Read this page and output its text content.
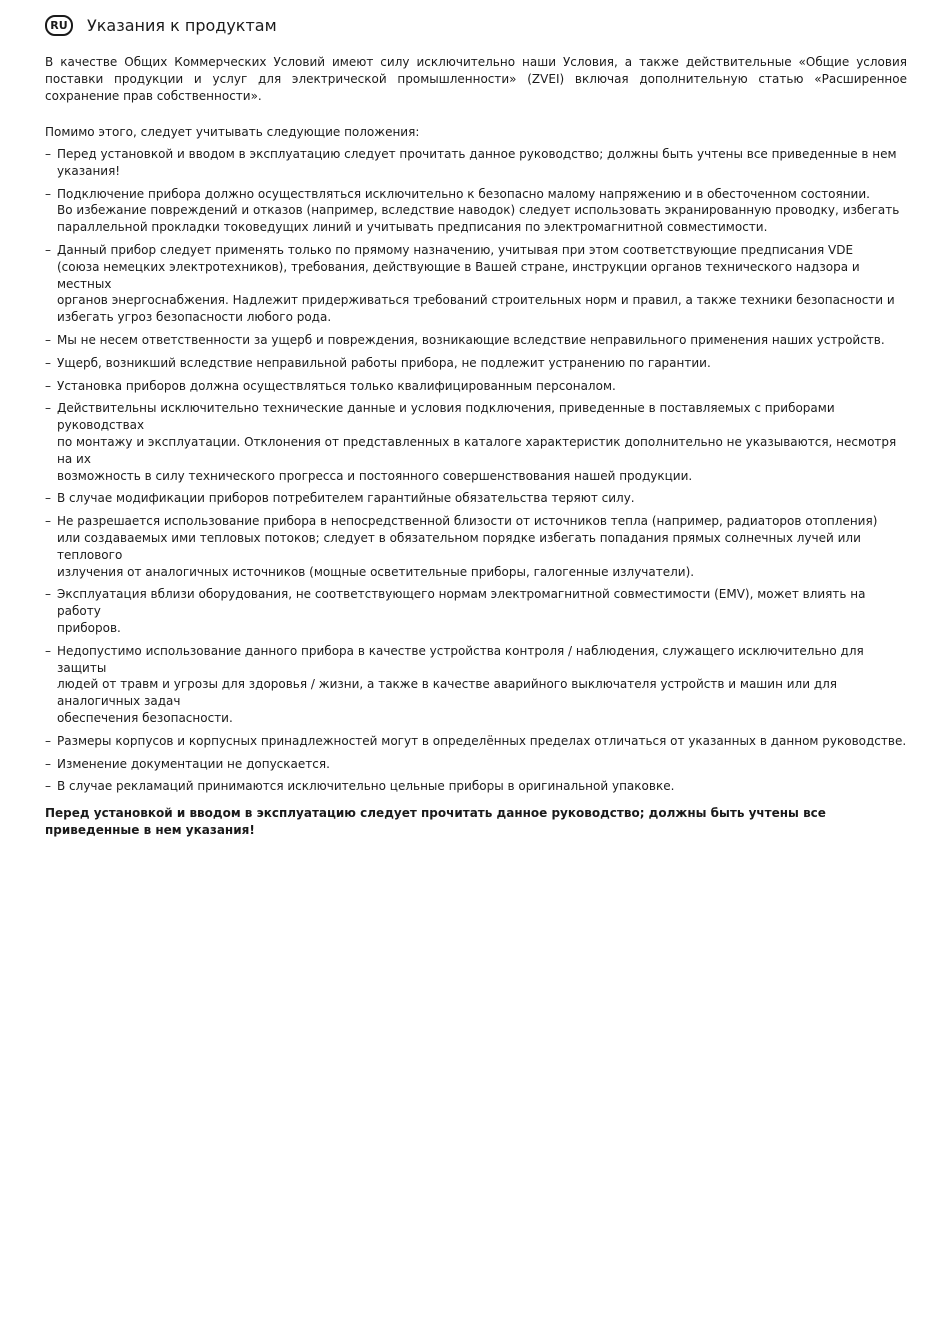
RU	Указания к продуктам

В качестве Общих Коммерческих Условий имеют силу исключительно наши Условия, а также действительные «Общие условия поставки продукции и услуг для электрической промышленности» (ZVEI) включая дополнительную статью «Расширенное сохранение прав собственности».

Помимо этого, следует учитывать следующие положения:

– Перед установкой и вводом в эксплуатацию следует прочитать данное руководство; должны быть учтены все приведенные в нем указания!
– Подключение прибора должно осуществляться исключительно к безопасно малому напряжению и в обесточенном состоянии.
Во избежание повреждений и отказов (например, вследствие наводок) следует использовать экранированную проводку, избегать
параллельной прокладки токоведущих линий и учитывать предписания по электромагнитной совместимости.
– Данный прибор следует применять только по прямому назначению, учитывая при этом соответствующие предписания VDE
(союза немецких электротехников), требования, действующие в Вашей стране, инструкции органов технического надзора и местных
органов энергоснабжения. Надлежит придерживаться требований строительных норм и правил, а также техники безопасности и
избегать угроз безопасности любого рода.
– Мы не несем ответственности за ущерб и повреждения, возникающие вследствие неправильного применения наших устройств.
– Ущерб, возникший вследствие неправильной работы прибора, не подлежит устранению по гарантии.
– Установка приборов должна осуществляться только квалифицированным персоналом.
– Действительны исключительно технические данные и условия подключения, приведенные в поставляемых с приборами руководствах
по монтажу и эксплуатации. Отклонения от представленных в каталоге характеристик дополнительно не указываются, несмотря на их
возможность в силу технического прогресса и постоянного совершенствования нашей продукции.
– В случае модификации приборов потребителем гарантийные обязательства теряют силу.
– Не разрешается использование прибора в непосредственной близости от источников тепла (например, радиаторов отопления)
или создаваемых ими тепловых потоков; следует в обязательном порядке избегать попадания прямых солнечных лучей или теплового
излучения от аналогичных источников (мощные осветительные приборы, галогенные излучатели).
– Эксплуатация вблизи оборудования, не соответствующего нормам электромагнитной совместимости (EMV), может влиять на работу
приборов.
– Недопустимо использование данного прибора в качестве устройства контроля / наблюдения, служащего исключительно для защиты
людей от травм и угрозы для здоровья / жизни, а также в качестве аварийного выключателя устройств и машин или для аналогичных задач
обеспечения безопасности.
– Размеры корпусов и корпусных принадлежностей могут в определённых пределах отличаться от указанных в данном руководстве.
– Изменение документации не допускается.
– В случае рекламаций принимаются исключительно цельные приборы в оригинальной упаковке.

Перед установкой и вводом в эксплуатацию следует прочитать данное руководство; должны быть учтены все приведенные в нем указания!
